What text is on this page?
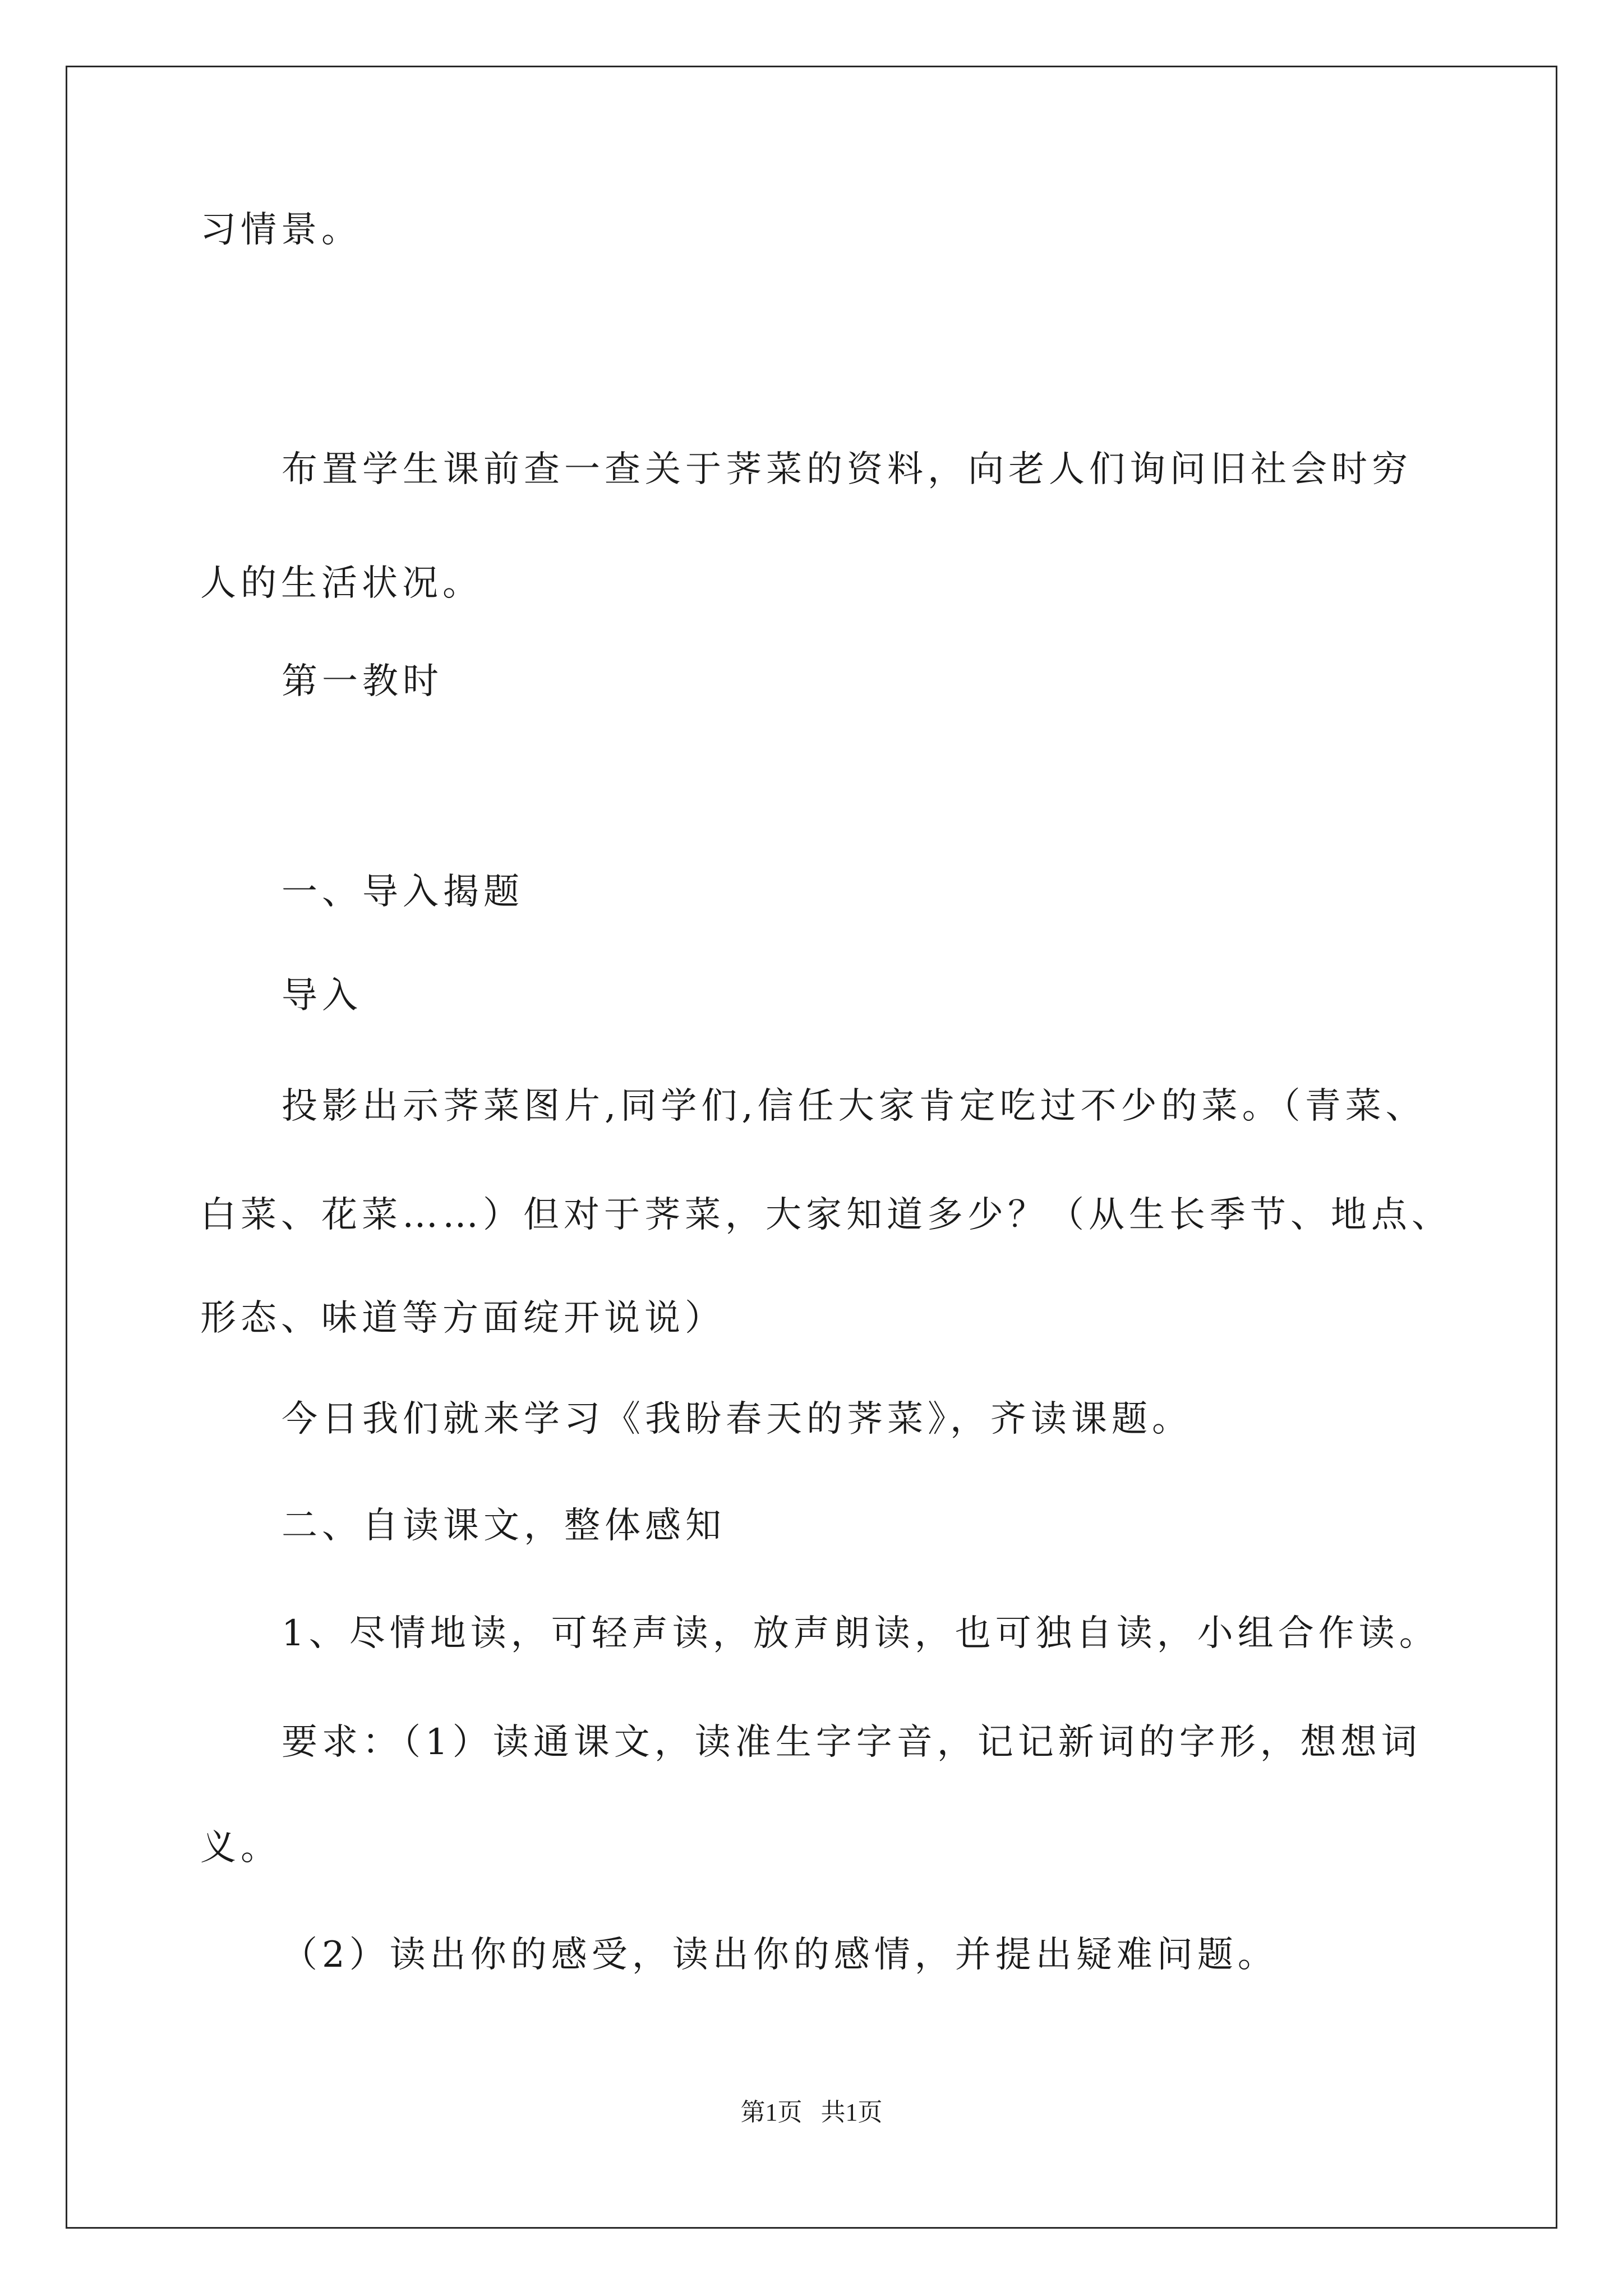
习情景。
布置学生课前查一查关于荠菜的资料，向老人们询问旧社会时穷
人的生活状况。
第一教时
一、导入揭题
导入
投影出示荠菜图片,同学们,信任大家肯定吃过不少的菜。（青菜、
白菜、花菜……）但对于荠菜，大家知道多少？（从生长季节、地点、
形态、味道等方面绽开说说）
今日我们就来学习《我盼春天的荠菜》，齐读课题。
二、自读课文，整体感知
1、尽情地读，可轻声读，放声朗读，也可独自读，小组合作读。
要求：（1）读通课文，读准生字字音，记记新词的字形，想想词
义。
（2）读出你的感受，读出你的感情，并提出疑难问题。
第1页   共1页
